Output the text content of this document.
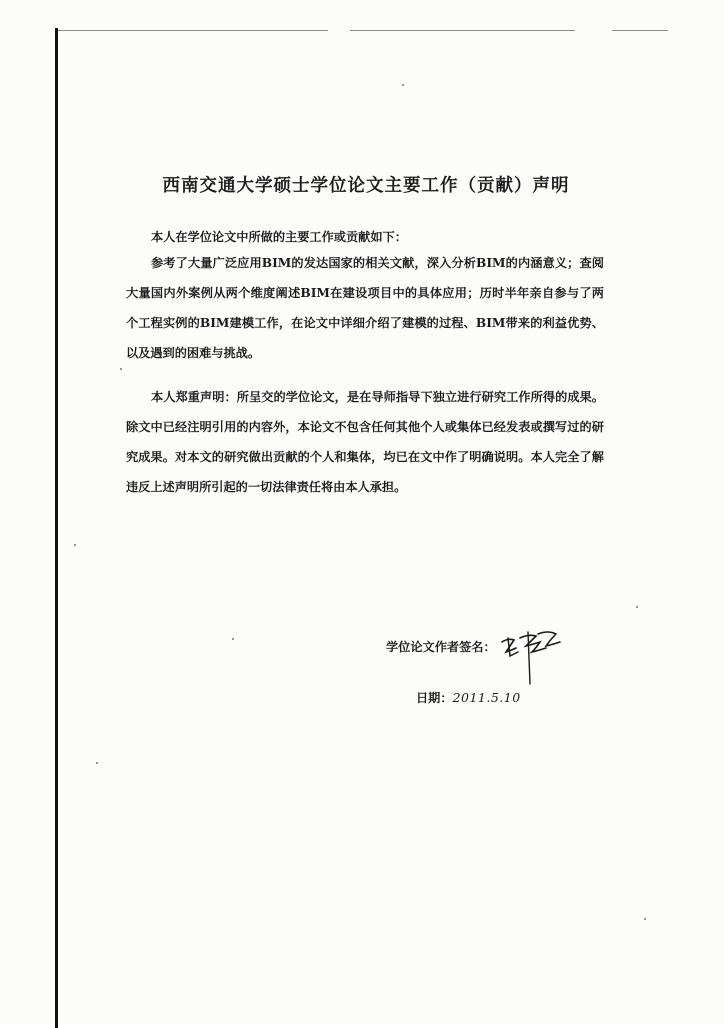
西南交通大学硕士学位论文主要工作（贡献）声明
本人在学位论文中所做的主要工作或贡献如下：
参考了大量广泛应用BIM的发达国家的相关文献，深入分析BIM的内涵意义；查阅大量国内外案例从两个维度阐述BIM在建设项目中的具体应用；历时半年亲自参与了两个工程实例的BIM建模工作，在论文中详细介绍了建模的过程、BIM带来的利益优势、以及遇到的困难与挑战。
本人郑重声明：所呈交的学位论文，是在导师指导下独立进行研究工作所得的成果。除文中已经注明引用的内容外，本论文不包含任何其他个人或集体已经发表或撰写过的研究成果。对本文的研究做出贡献的个人和集体，均已在文中作了明确说明。本人完全了解违反上述声明所引起的一切法律责任将由本人承担。
学位论文作者签名：
日期：2011.5.10
